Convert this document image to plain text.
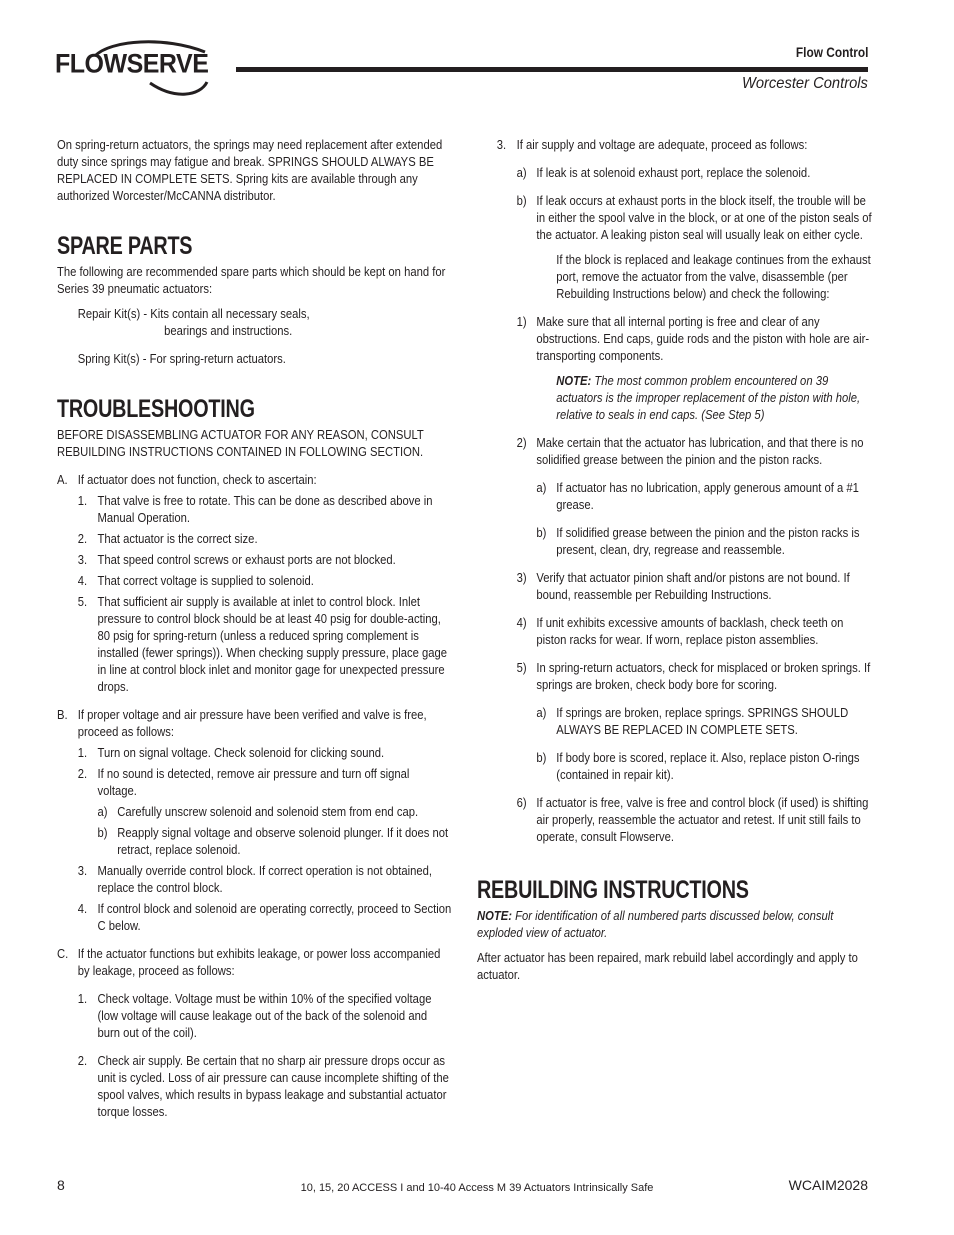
FLOWSERVE	Flow Control
Worcester Controls

On spring-return actuators, the springs may need replacement after extended duty since springs may fatigue and break. SPRINGS SHOULD ALWAYS BE REPLACED IN COMPLETE SETS. Spring kits are available through any authorized Worcester/McCANNA distributor.

SPARE PARTS

The following are recommended spare parts which should be kept on hand for Series 39 pneumatic actuators:

Repair Kit(s) - Kits contain all necessary seals,

bearings and instructions.

Spring Kit(s) - For spring-return actuators.

TROUBLESHOOTING

BEFORE DISASSEMBLING ACTUATOR FOR ANY REASON, CONSULT REBUILDING INSTRUCTIONS CONTAINED IN FOLLOWING SECTION.

A. If actuator does not function, check to ascertain:
1. That valve is free to rotate. This can be done as described above in Manual Operation.
2. That actuator is the correct size.
3. That speed control screws or exhaust ports are not blocked.
4. That correct voltage is supplied to solenoid.
5. That sufficient air supply is available at inlet to control block. Inlet pressure to control block should be at least 40 psig for double-acting, 80 psig for spring-return (unless a reduced spring complement is installed (fewer springs)). When checking supply pressure, place gage in line at control block inlet and monitor gage for unexpected pressure drops.
B. If proper voltage and air pressure have been verified and valve is free, proceed as follows:
1. Turn on signal voltage. Check solenoid for clicking sound.
2. If no sound is detected, remove air pressure and turn off signal voltage.
a) Carefully unscrew solenoid and solenoid stem from end cap.
b) Reapply signal voltage and observe solenoid plunger. If it does not retract, replace solenoid.
3. Manually override control block. If correct operation is not obtained, replace the control block.
4. If control block and solenoid are operating correctly, proceed to Section C below.
C. If the actuator functions but exhibits leakage, or power loss accompanied by leakage, proceed as follows:
1. Check voltage. Voltage must be within 10% of the specified voltage (low voltage will cause leakage out of the back of the solenoid and burn out of the coil).
2. Check air supply. Be certain that no sharp air pressure drops occur as unit is cycled. Loss of air pressure can cause incomplete shifting of the spool valves, which results in bypass leakage and substantial actuator torque losses.
3. If air supply and voltage are adequate, proceed as follows:
a) If leak is at solenoid exhaust port, replace the solenoid.
b) If leak occurs at exhaust ports in the block itself, the trouble will be in either the spool valve in the block, or at one of the piston seals of the actuator. A leaking piston seal will usually leak on either cycle.

If the block is replaced and leakage continues from the exhaust port, remove the actuator from the valve, disassemble (per Rebuilding Instructions below) and check the following:

1) Make sure that all internal porting is free and clear of any obstructions. End caps, guide rods and the piston with hole are air-transporting components.

NOTE: The most common problem encountered on 39 actuators is the improper replacement of the piston with hole, relative to seals in end caps. (See Step 5)

2) Make certain that the actuator has lubrication, and that there is no solidified grease between the pinion and the piston racks.
a) If actuator has no lubrication, apply generous amount of a #1 grease.
b) If solidified grease between the pinion and the piston racks is present, clean, dry, regrease and reassemble.
3) Verify that actuator pinion shaft and/or pistons are not bound. If bound, reassemble per Rebuilding Instructions.
4) If unit exhibits excessive amounts of backlash, check teeth on piston racks for wear. If worn, replace piston assemblies.
5) In spring-return actuators, check for misplaced or broken springs. If springs are broken, check body bore for scoring.
a) If springs are broken, replace springs. SPRINGS SHOULD ALWAYS BE REPLACED IN COMPLETE SETS.
b) If body bore is scored, replace it. Also, replace piston O-rings (contained in repair kit).
6) If actuator is free, valve is free and control block (if used) is shifting air properly, reassemble the actuator and retest. If unit still fails to operate, consult Flowserve.
REBUILDING INSTRUCTIONS

NOTE: For identification of all numbered parts discussed below, consult exploded view of actuator.

After actuator has been repaired, mark rebuild label accordingly and apply to actuator.

8	10, 15, 20 ACCESS I and 10-40 Access M 39 Actuators Intrinsically Safe	WCAIM2028
